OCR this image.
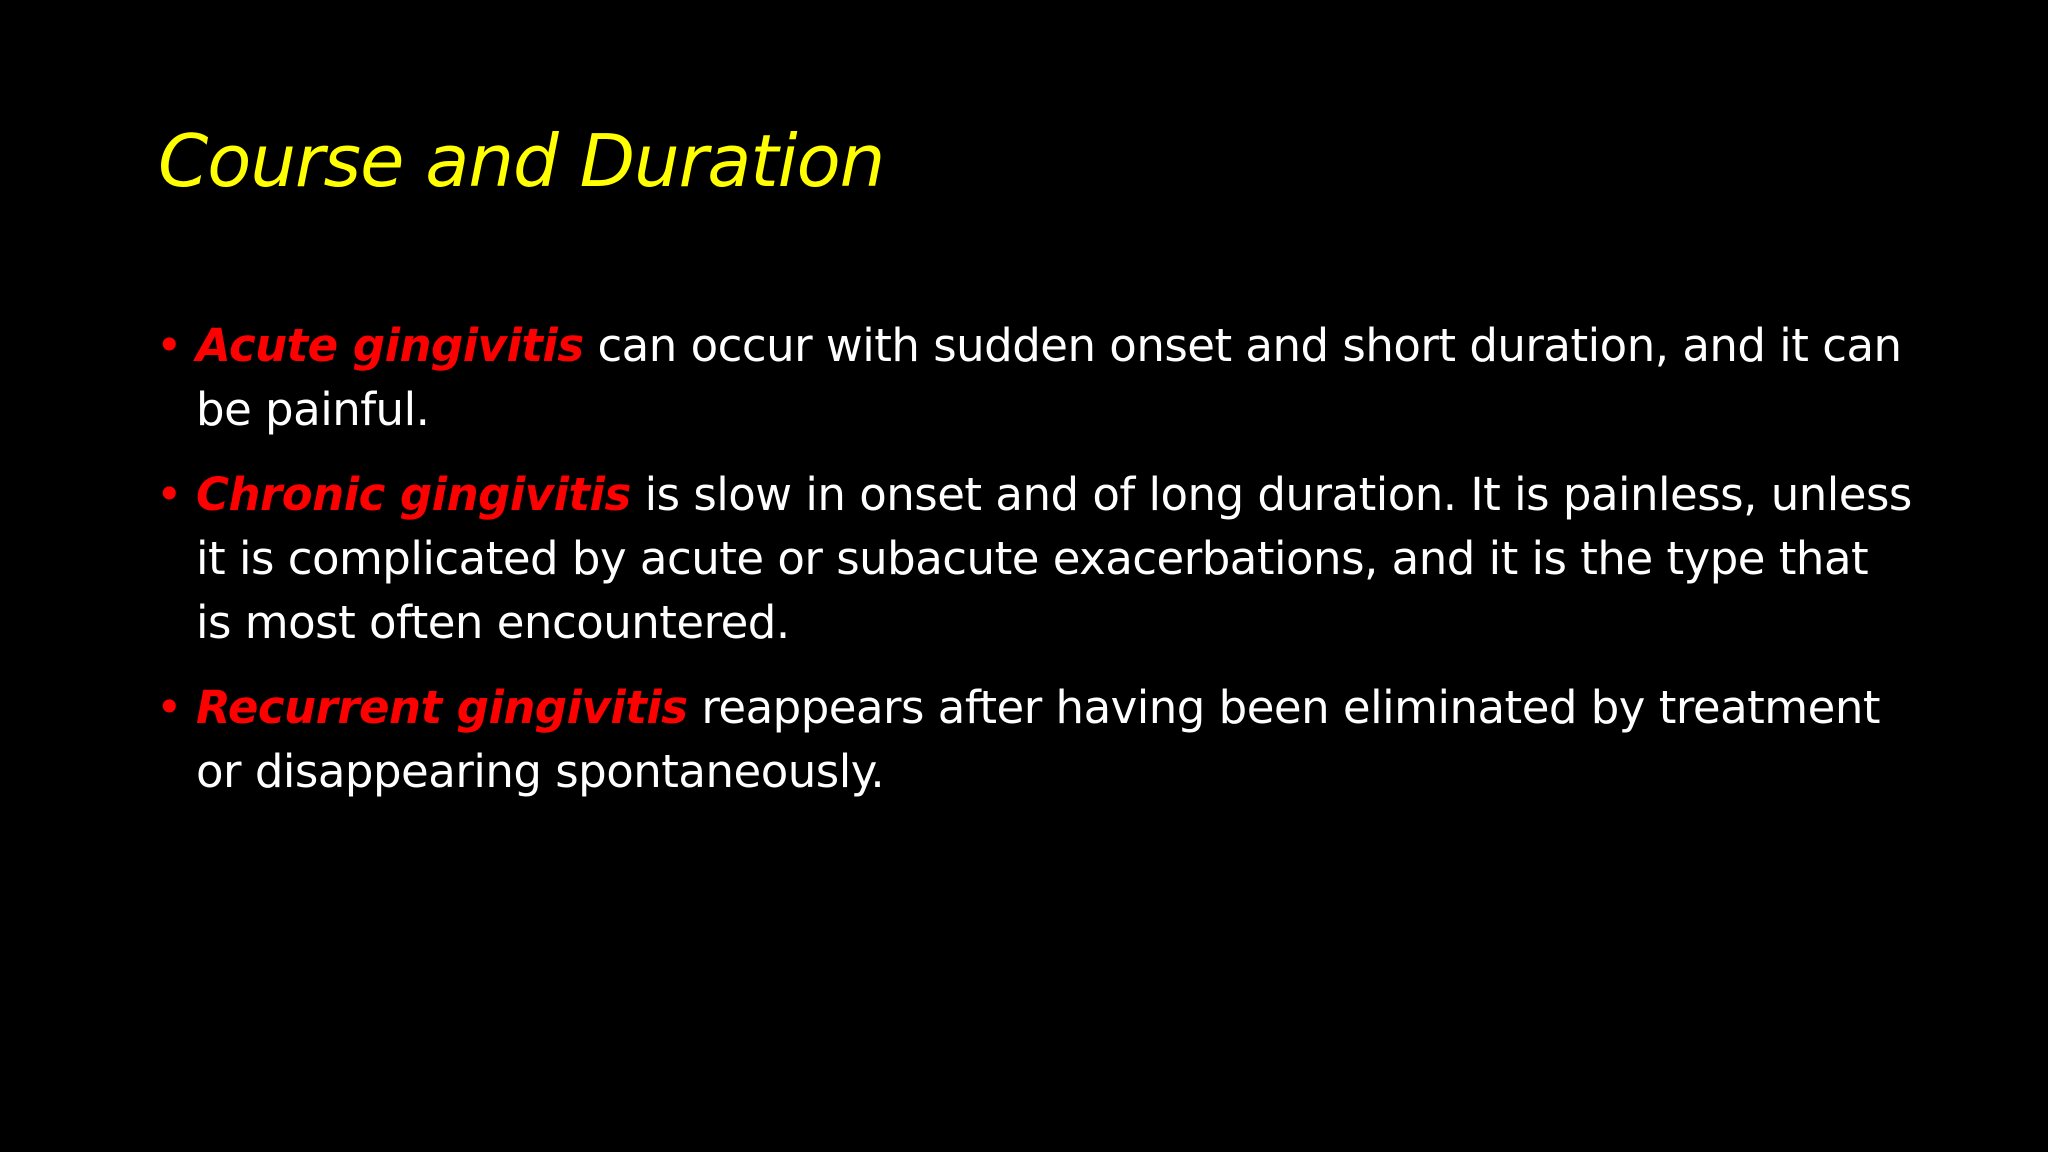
Course and Duration
• Acute gingivitis can occur with sudden onset and short duration, and it can be painful.
• Chronic gingivitis is slow in onset and of long duration. It is painless, unless it is complicated by acute or subacute exacerbations, and it is the type that is most often encountered.
• Recurrent gingivitis reappears after having been eliminated by treatment or disappearing spontaneously.
